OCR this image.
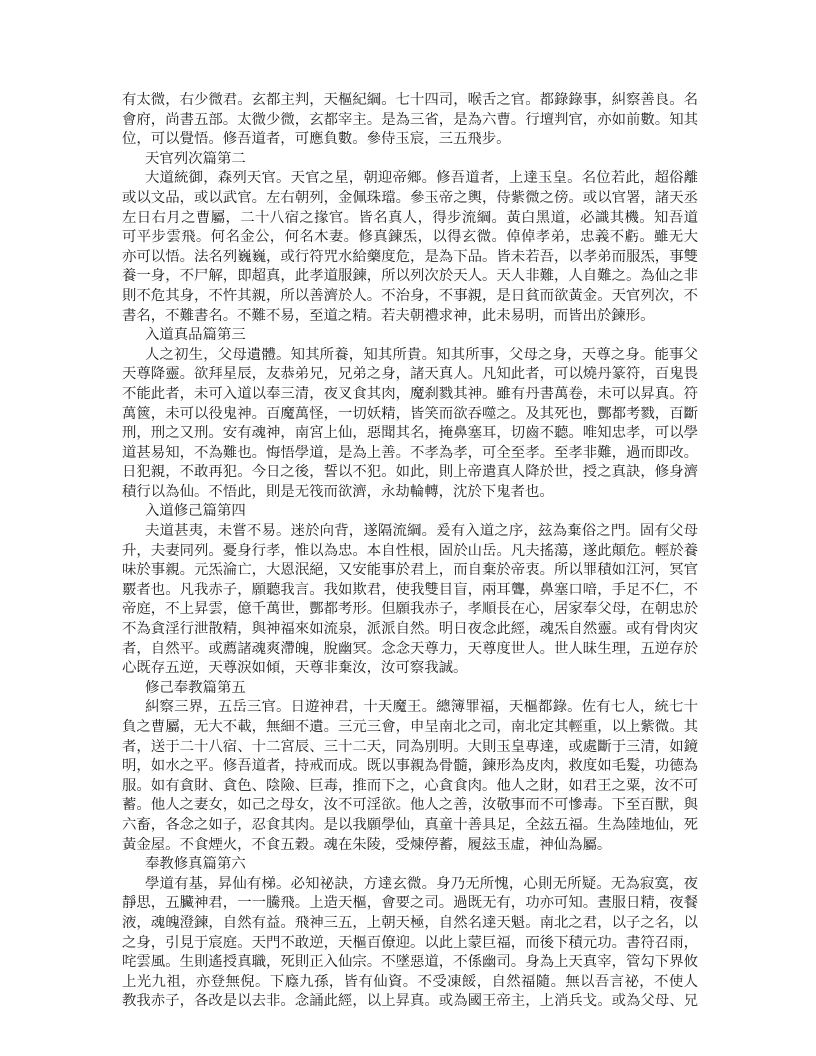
有太微，右少微君。玄都主判，天樞紀綱。七十四司，喉舌之官。都錄錄事，糾察善良。名
會府，尚書五部。太微少微，玄都宰主。是為三省，是為六曹。行壇判官，亦如前數。知其
位，可以覺悟。修吾道者，可應負數。參侍玉宸，三五飛步。
天官列次篇第二
大道統御，森列天官。天官之星，朝迎帝鄉。修吾道者，上達玉皇。名位若此，超俗離
或以文品，或以武官。左右朝列，金佩珠璫。參玉帝之輿，侍紫微之傍。或以官署，諸天丞
左日右月之曹屬，二十八宿之掾官。皆名真人，得步流綱。黃白黑道，必識其機。知吾道
可平步雲飛。何名金公，何名木妻。修真鍊炁，以得玄微。倬倬孝弟，忠義不虧。雖无大
亦可以悟。法名列巍巍，或行符咒水給藥度危，是為下品。皆未若吾，以孝弟而服炁，事雙
養一身，不尸解，即超真，此孝道服鍊，所以列次於天人。天人非難，人自難之。為仙之非
則不危其身，不忤其親，所以善濟於人。不治身，不事親，是日貧而欲黃金。天官列次，不
書名，不難書名。不難不易，至道之精。若夫朝禮求神，此未易明，而皆出於鍊形。
入道真品篇第三
人之初生，父母遺體。知其所養，知其所貴。知其所事，父母之身，天尊之身。能事父
天尊降靈。欲拜星辰，友恭弟兄，兄弟之身，諸天真人。凡知此者，可以燒丹篆符，百鬼畏
不能此者，未可入道以奉三清，夜叉食其肉，魔刹戮其神。雖有丹書萬卷，未可以昇真。符
萬篋，未可以役鬼神。百魔萬怪，一切妖精，皆笑而欲吞噬之。及其死也，酆都考戮，百斷
刑，刑之又刑。安有魂神，南宮上仙，惡聞其名，掩鼻塞耳，切齒不聽。唯知忠孝，可以學
道甚易知，不為難也。悔悟學道，是為上善。不孝為孝，可全至孝。至孝非難，過而即改。
日犯親，不敢再犯。今日之後，誓以不犯。如此，則上帝遣真人降於世，授之真訣，修身濟
積行以為仙。不悟此，則是无筏而欲濟，永劫輪轉，沈於下鬼者也。
入道修己篇第四
夫道甚夷，未嘗不易。迷於向背，遂隔流綱。爰有入道之序，玆為棄俗之門。固有父母
升，夫妻同列。憂身行孝，惟以為忠。本自性根，固於山岳。凡夫搖蕩，遂此顛危。輕於養
味於事親。元炁淪亡，大恩泯絕，又安能事於君上，而自棄於帝衷。所以罪積如江河，冥官
覈者也。凡我赤子，願聽我言。我如欺君，使我雙目盲，兩耳聾，鼻塞口喑，手足不仁，不
帝庭，不上昇雲，億千萬世，酆都考形。但願我赤子，孝順長在心，居家奉父母，在朝忠於
不為貪淫行泄散精，與神福來如流泉，派派自然。明日夜念此經，魂炁自然靈。或有骨肉灾
者，自然平。或薦諸魂爽滯魄，脫幽冥。念念天尊力，天尊度世人。世人昧生理，五逆存於
心既存五逆，天尊淚如傾，天尊非棄汝，汝可察我誠。
修己奉教篇第五
糾察三界，五岳三官。日遊神君，十天魔王。總簿罪福，天樞都錄。佐有七人，統七十
負之曹屬，无大不載，無細不遺。三元三會，申呈南北之司，南北定其輕重，以上紫微。其
者，送于二十八宿、十二宮辰、三十二天，同為別明。大則玉皇專達，或處斷于三清，如鏡
明，如水之平。修吾道者，持戒而成。既以事親為骨髓，鍊形為皮肉，救度如毛髮，功德為
服。如有貪財、貪色、陰險、巨毒，推而下之，心貪食肉。他人之財，如君王之粟，汝不可
蓄。他人之妻女，如己之母女，汝不可淫欲。他人之善，汝敬事而不可慘毒。下至百獸，與
六畜，各念之如子，忍食其肉。是以我願學仙，真童十善具足，全玆五福。生為陸地仙，死
黃金屋。不食煙火，不食五穀。魂在朱陵，受煉停蓄，履玆玉虛，神仙為屬。
奉教修真篇第六
學道有基，昇仙有梯。必知祕訣，方達玄微。身乃无所愧，心則无所疑。无為寂寞，夜
靜思，五臟神君，一一騰飛。上造天樞，會要之司。過既无有，功亦可知。晝服日精，夜餐
液，魂魄澄鍊，自然有益。飛神三五，上朝天極，自然名達天魁。南北之君，以子之名，以
之身，引見于宸庭。天門不敢逆，天樞百僚迎。以此上蒙巨福，而後下積元功。書符召雨，
咤雲風。生則遙授真職，死則正入仙宗。不墜惡道，不係幽司。身為上天真宰，管勾下界攸
上光九祖，亦登無倪。下廕九孫，皆有仙資。不受凍餒，自然福隨。無以吾言祕，不使人
教我赤子，各改是以去非。念誦此經，以上昇真。或為國王帝主，上消兵戈。或為父母、兄
